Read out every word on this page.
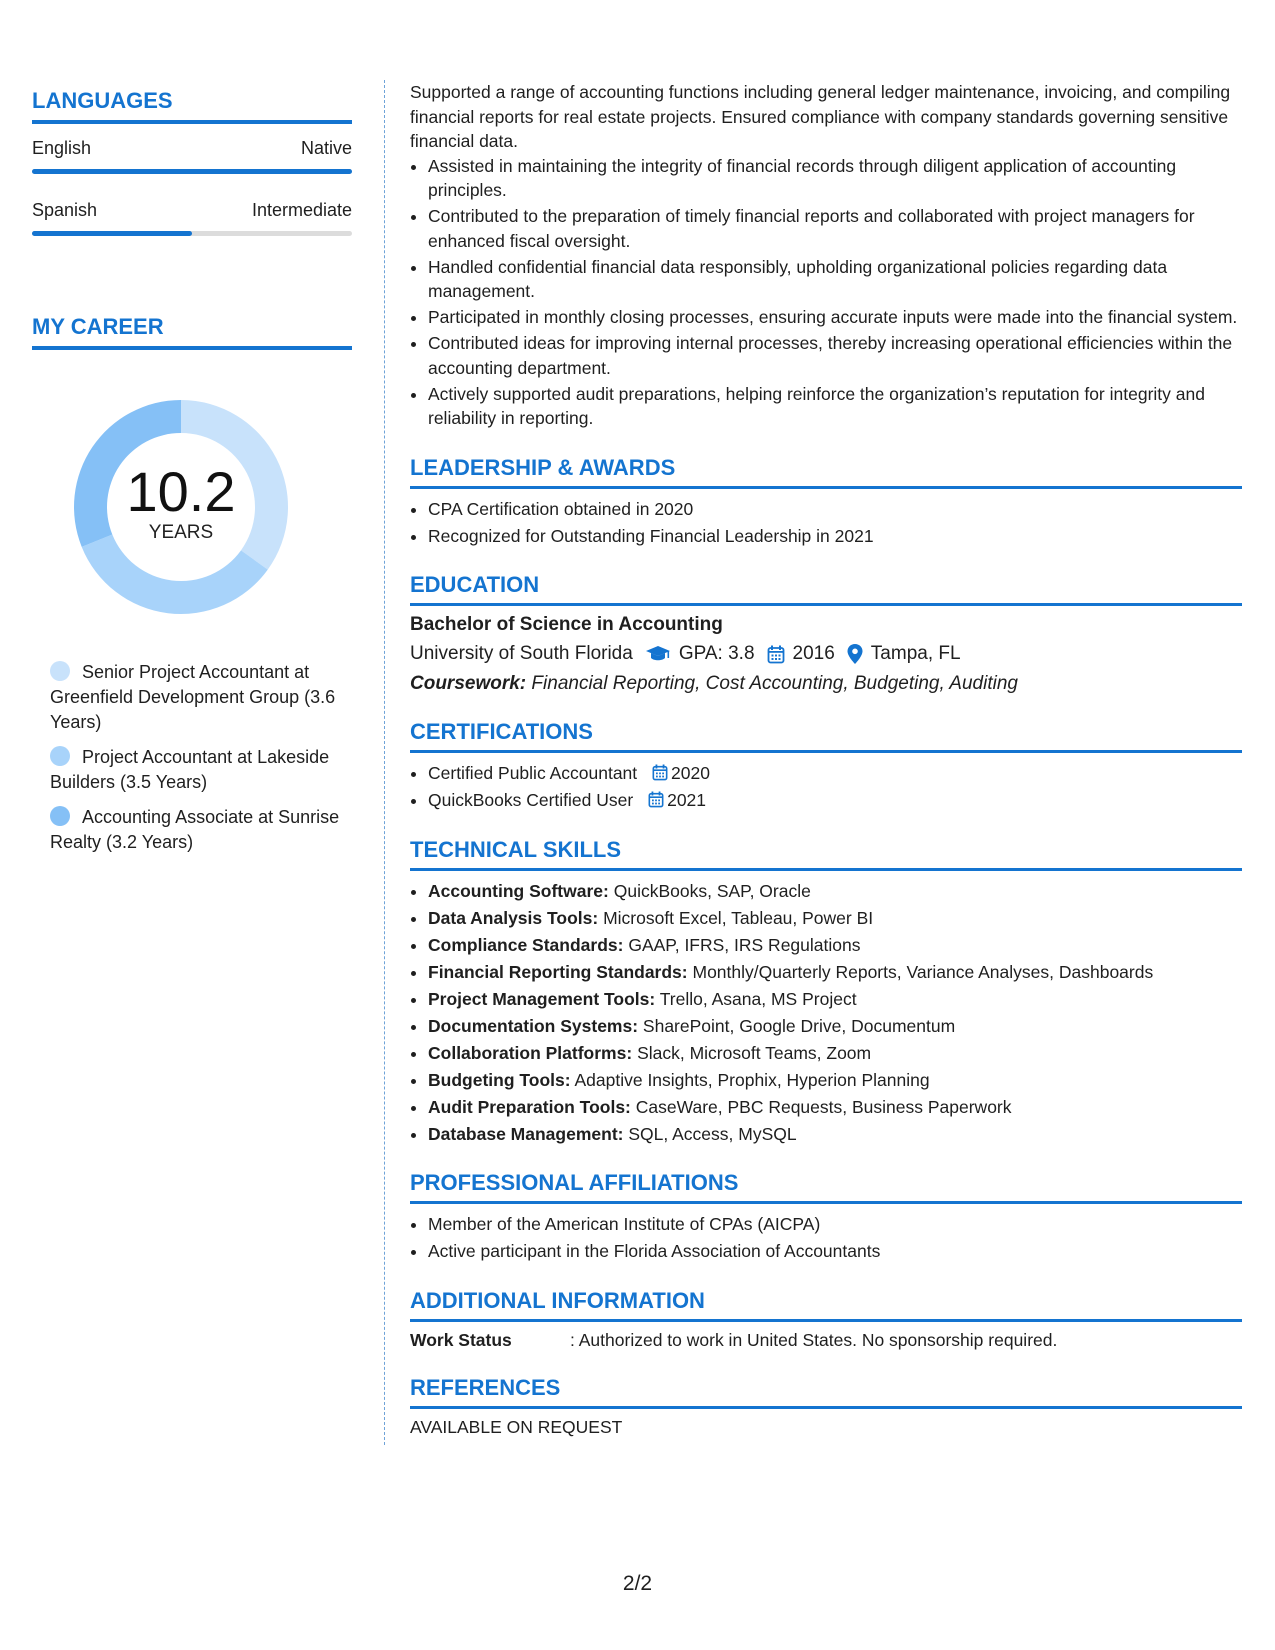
LANGUAGES
English	Native
Spanish	Intermediate
MY CAREER
10.2
YEARS
Senior Project Accountant at Greenfield Development Group (3.6 Years)
Project Accountant at Lakeside Builders (3.5 Years)
Accounting Associate at Sunrise Realty (3.2 Years)

Supported a range of accounting functions including general ledger maintenance, invoicing, and compiling financial reports for real estate projects. Ensured compliance with company standards governing sensitive financial data.

• Assisted in maintaining the integrity of financial records through diligent application of accounting principles.
• Contributed to the preparation of timely financial reports and collaborated with project managers for enhanced fiscal oversight.
• Handled confidential financial data responsibly, upholding organizational policies regarding data management.
• Participated in monthly closing processes, ensuring accurate inputs were made into the financial system.
• Contributed ideas for improving internal processes, thereby increasing operational efficiencies within the accounting department.
• Actively supported audit preparations, helping reinforce the organization’s reputation for integrity and reliability in reporting.
LEADERSHIP & AWARDS
• CPA Certification obtained in 2020
• Recognized for Outstanding Financial Leadership in 2021
EDUCATION
Bachelor of Science in Accounting
University of South Florida GPA: 3.8 2016 Tampa, FL
Coursework: Financial Reporting, Cost Accounting, Budgeting, Auditing
CERTIFICATIONS
• Certified Public Accountant 2020
• QuickBooks Certified User 2021
TECHNICAL SKILLS
• Accounting Software: QuickBooks, SAP, Oracle
• Data Analysis Tools: Microsoft Excel, Tableau, Power BI
• Compliance Standards: GAAP, IFRS, IRS Regulations
• Financial Reporting Standards: Monthly/Quarterly Reports, Variance Analyses, Dashboards
• Project Management Tools: Trello, Asana, MS Project
• Documentation Systems: SharePoint, Google Drive, Documentum
• Collaboration Platforms: Slack, Microsoft Teams, Zoom
• Budgeting Tools: Adaptive Insights, Prophix, Hyperion Planning
• Audit Preparation Tools: CaseWare, PBC Requests, Business Paperwork
• Database Management: SQL, Access, MySQL
PROFESSIONAL AFFILIATIONS
• Member of the American Institute of CPAs (AICPA)
• Active participant in the Florida Association of Accountants
ADDITIONAL INFORMATION
Work Status	: Authorized to work in United States. No sponsorship required.
REFERENCES
AVAILABLE ON REQUEST
2/2
